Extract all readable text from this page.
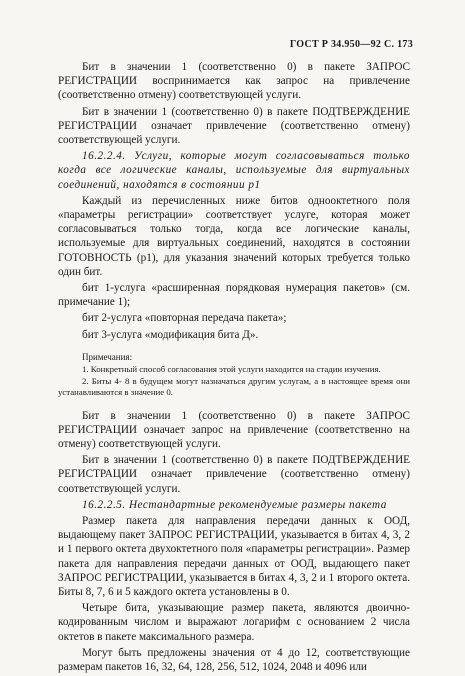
ГОСТ Р 34.950—92 С. 173

Бит в значении 1 (соответственно 0) в пакете ЗАПРОС РЕГИСТРАЦИИ воспринимается как запрос на привлечение (соответственно отмену) соответствующей услуги.

Бит в значении 1 (соответственно 0) в пакете ПОДТВЕРЖДЕНИЕ РЕГИСТРАЦИИ означает привлечение (соответственно отмену) соответствующей услуги.

16.2.2.4. Услуги, которые могут согласовываться только когда все логические каналы, используемые для виртуальных соединений, находятся в состоянии р1

Каждый из перечисленных ниже битов однооктетного поля «параметры регистрации» соответствует услуге, которая может согласовываться только тогда, когда все логические каналы, используемые для виртуальных соединений, находятся в состоянии ГОТОВНОСТЬ (р1), для указания значений которых требуется только один бит.

бит 1-услуга «расширенная порядковая нумерация пакетов» (см. примечание 1);

бит 2-услуга «повторная передача пакета»;

бит 3-услуга «модификация бита Д».

Примечания:

1. Конкретный способ согласования этой услуги находится на стадии изучения.

2. Биты 4- 8 в будущем могут назначаться другим услугам, а в настоящее время они устанавливаются в значение 0.

Бит в значении 1 (соответственно 0) в пакете ЗАПРОС РЕГИСТРАЦИИ означает запрос на привлечение (соответственно на отмену) соответствующей услуги.

Бит в значении 1 (соответственно 0) в пакете ПОДТВЕРЖДЕНИЕ РЕГИСТРАЦИИ означает привлечение (соответственно отмену) соответствующей услуги.

16.2.2.5. Нестандартные рекомендуемые размеры пакета

Размер пакета для направления передачи данных к ООД, выдающему пакет ЗАПРОС РЕГИСТРАЦИИ, указывается в битах 4, 3, 2 и 1 первого октета двухоктетного поля «параметры регистрации». Размер пакета для направления передачи данных от ООД, выдающего пакет ЗАПРОС РЕГИСТРАЦИИ, указывается в битах 4, 3, 2 и 1 второго октета. Биты 8, 7, 6 и 5 каждого октета установлены в 0.

Четыре бита, указывающие размер пакета, являются двоично-кодированным числом и выражают логарифм с основанием 2 числа октетов в пакете максимального размера.

Могут быть предложены значения от 4 до 12, соответствующие размерам пакетов 16, 32, 64, 128, 256, 512, 1024, 2048 и 4096 или
